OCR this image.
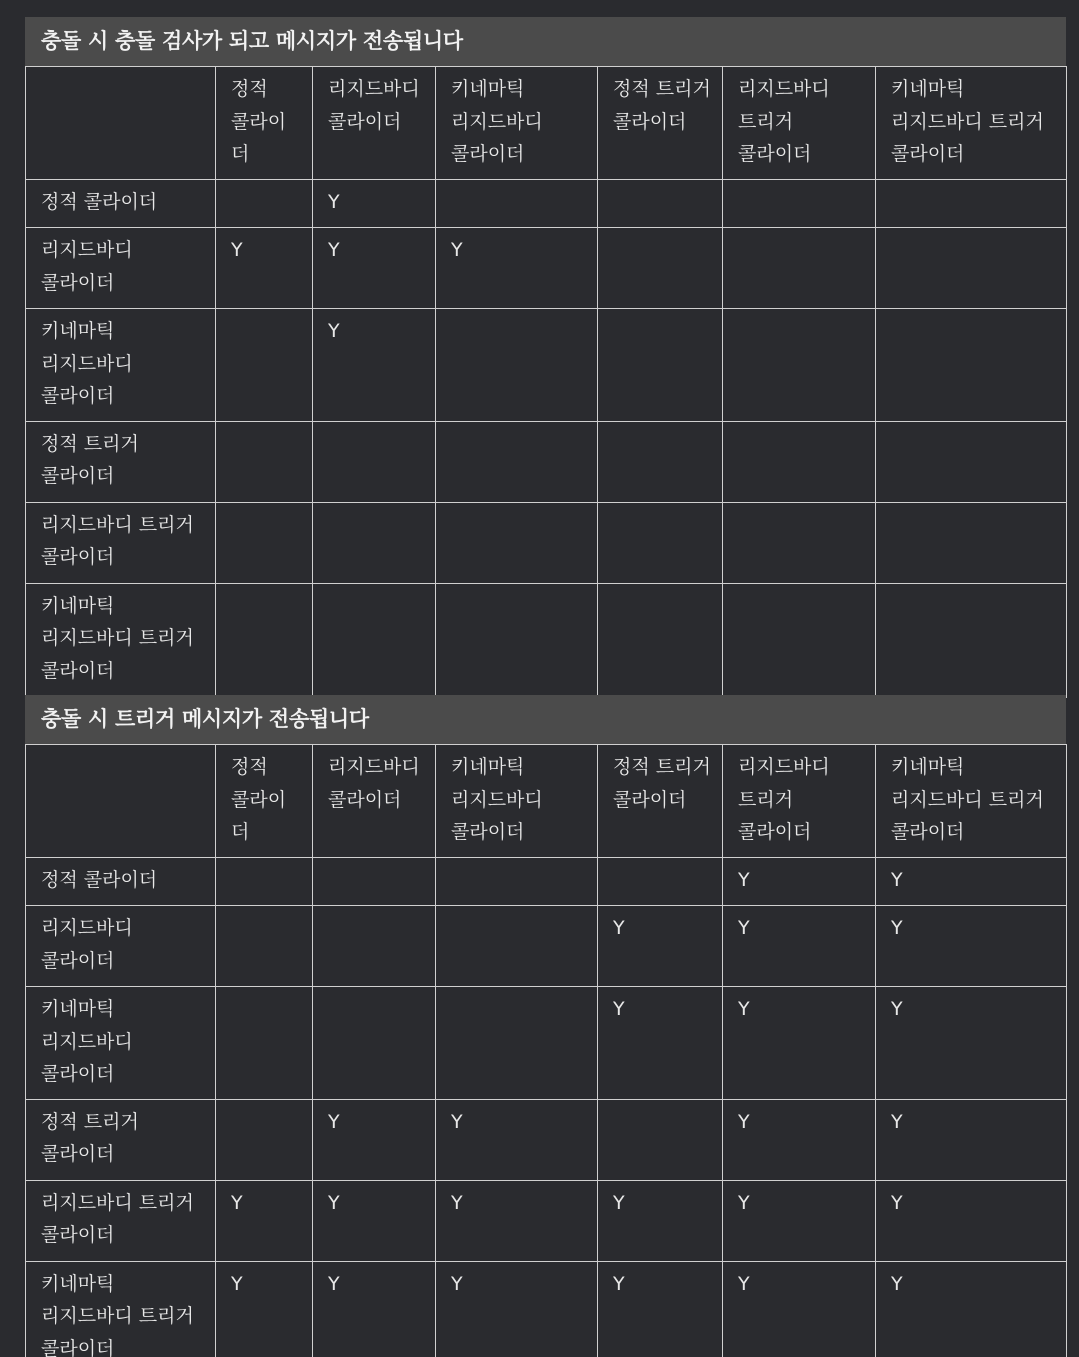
충돌 시 충돌 검사가 되고 메시지가 전송됩니다
	정적 콜라이더	리지드바디 콜라이더	키네마틱 리지드바디 콜라이더	정적 트리거 콜라이더	리지드바디 트리거 콜라이더	키네마틱 리지드바디 트리거 콜라이더
정적 콜라이더		Y				
리지드바디 콜라이더	Y	Y	Y			
키네마틱 리지드바디 콜라이더		Y				
정적 트리거 콜라이더						
리지드바디 트리거 콜라이더						
키네마틱 리지드바디 트리거 콜라이더						
충돌 시 트리거 메시지가 전송됩니다
	정적 콜라이더	리지드바디 콜라이더	키네마틱 리지드바디 콜라이더	정적 트리거 콜라이더	리지드바디 트리거 콜라이더	키네마틱 리지드바디 트리거 콜라이더
정적 콜라이더					Y	Y
리지드바디 콜라이더				Y	Y	Y
키네마틱 리지드바디 콜라이더				Y	Y	Y
정적 트리거 콜라이더		Y	Y		Y	Y
리지드바디 트리거 콜라이더	Y	Y	Y	Y	Y	Y
키네마틱 리지드바디 트리거 콜라이더	Y	Y	Y	Y	Y	Y
